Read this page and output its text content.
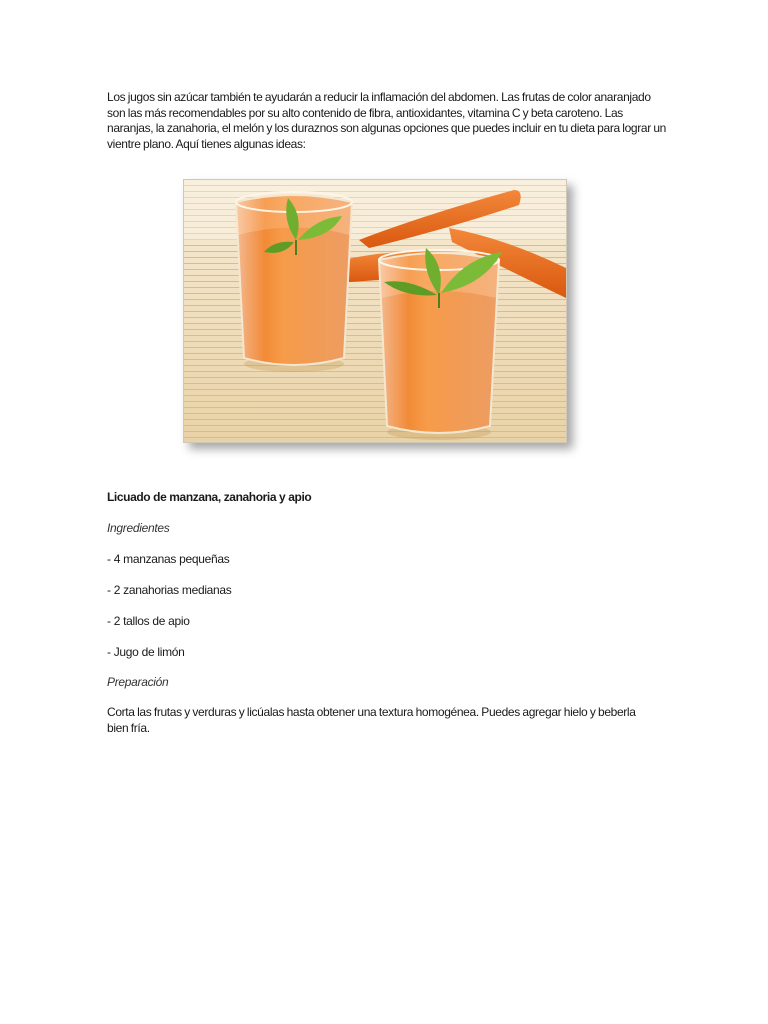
Los jugos sin azúcar también te ayudarán a reducir la inflamación del abdomen. Las frutas de color anaranjado son las más recomendables por su alto contenido de fibra, antioxidantes, vitamina C y beta caroteno. Las naranjas, la zanahoria, el melón y los duraznos son algunas opciones que puedes incluir en tu dieta para lograr un vientre plano. Aquí tienes algunas ideas:

Licuado de manzana, zanahoria y apio

Ingredientes

- 4 manzanas pequeñas

- 2 zanahorias medianas

- 2 tallos de apio

- Jugo de limón

Preparación

Corta las frutas y verduras y licúalas hasta obtener una textura homogénea. Puedes agregar hielo y beberla bien fría.
